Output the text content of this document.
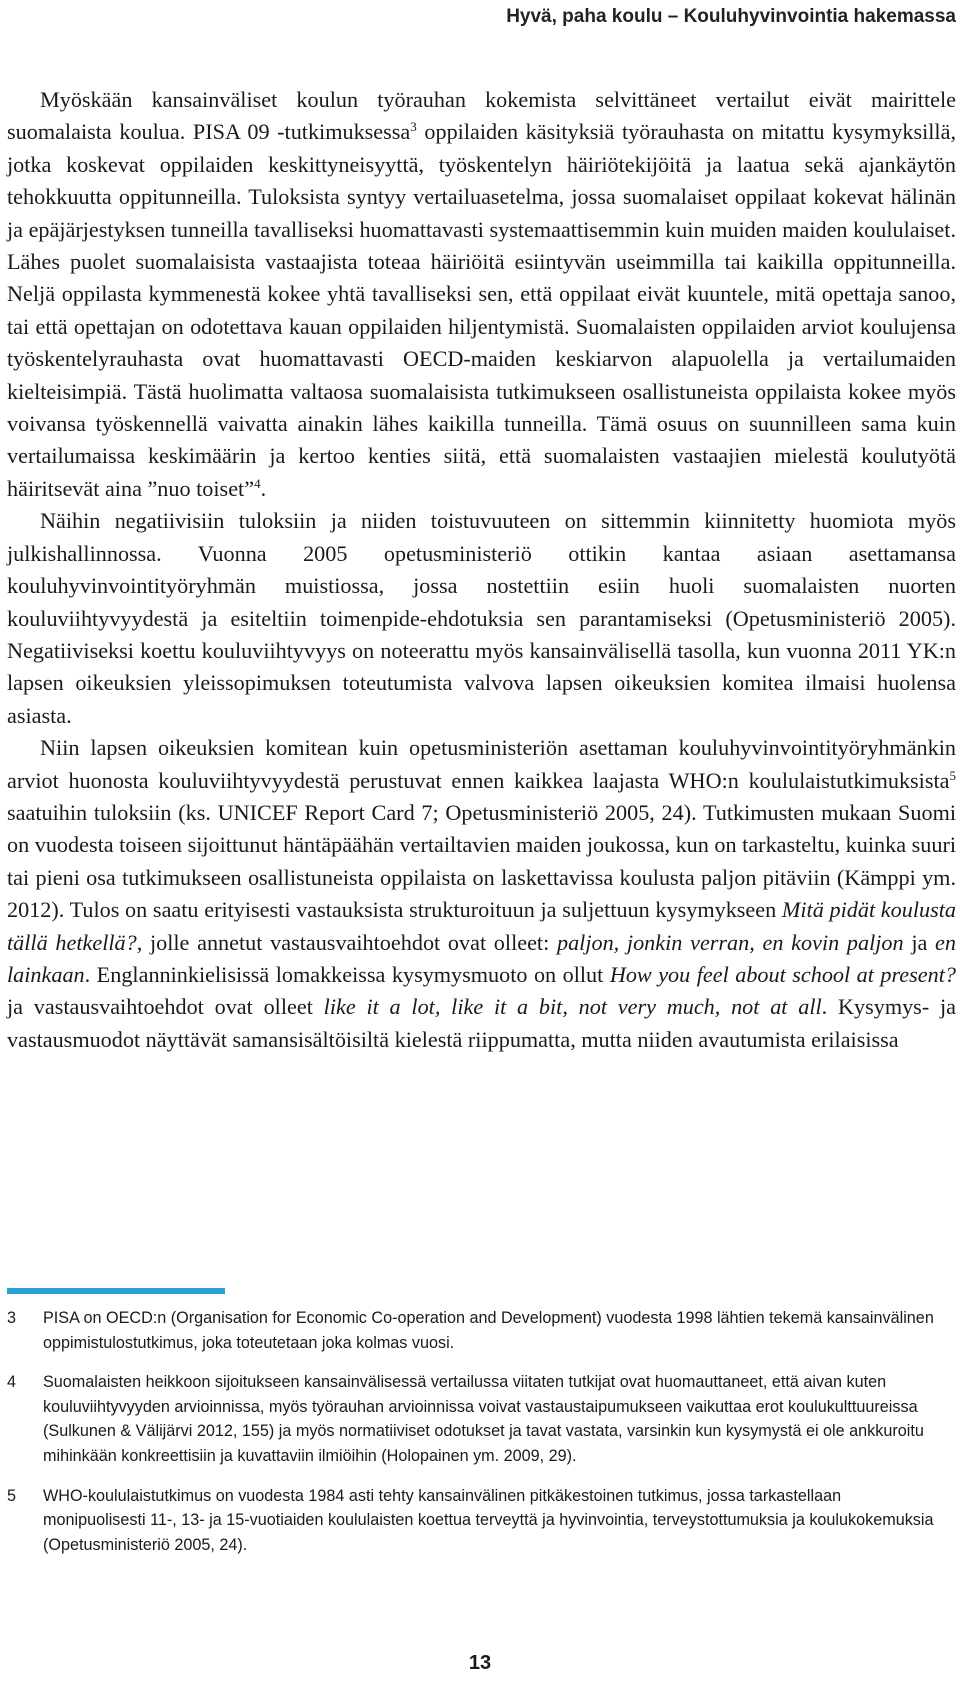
Hyvä, paha koulu – Kouluhyvinvointia hakemassa

Myöskään kansainväliset koulun työrauhan kokemista selvittäneet vertailut eivät mairittele suomalaista koulua. PISA 09 -tutkimuksessa$^3$ oppilaiden käsityksiä työrauhasta on mitattu kysymyksillä, jotka koskevat oppilaiden keskittyneisyyttä, työskentelyn häiriötekijöitä ja laatua sekä ajankäytön tehokkuutta oppitunneilla. Tuloksista syntyy vertailuasetelma, jossa suomalaiset oppilaat kokevat hälinän ja epäjärjestyksen tunneilla tavalliseksi huomattavasti systemaattisemmin kuin muiden maiden koululaiset. Lähes puolet suomalaisista vastaajista toteaa häiriöitä esiintyvän useimmilla tai kaikilla oppitunneilla. Neljä oppilasta kymmenestä kokee yhtä tavalliseksi sen, että oppilaat eivät kuuntele, mitä opettaja sanoo, tai että opettajan on odotettava kauan oppilaiden hiljentymistä. Suomalaisten oppilaiden arviot koulujensa työskentelyrauhasta ovat huomattavasti OECD-maiden keskiarvon alapuolella ja vertailumaiden kielteisimpiä. Tästä huolimatta valtaosa suomalaisista tutkimukseen osallistuneista oppilaista kokee myös voivansa työskennellä vaivatta ainakin lähes kaikilla tunneilla. Tämä osuus on suunnilleen sama kuin vertailumaissa keskimäärin ja kertoo kenties siitä, että suomalaisten vastaajien mielestä koulutyötä häiritsevät aina ”nuo toiset”$^4$.

Näihin negatiivisiin tuloksiin ja niiden toistuvuuteen on sittemmin kiinnitetty huomiota myös julkishallinnossa. Vuonna 2005 opetusministeriö ottikin kantaa asiaan asettamansa kouluhyvinvointityöryhmän muistiossa, jossa nostettiin esiin huoli suomalaisten nuorten kouluviihtyvyydestä ja esiteltiin toimenpide-ehdotuksia sen parantamiseksi (Opetusministeriö 2005). Negatiiviseksi koettu kouluviihtyvyys on noteerattu myös kansainvälisellä tasolla, kun vuonna 2011 YK:n lapsen oikeuksien yleissopimuksen toteutumista valvova lapsen oikeuksien komitea ilmaisi huolensa asiasta.

Niin lapsen oikeuksien komitean kuin opetusministeriön asettaman kouluhyvinvointityöryhmänkin arviot huonosta kouluviihtyvyydestä perustuvat ennen kaikkea laajasta WHO:n koululaistutkimuksista$^5$ saatuihin tuloksiin (ks. UNICEF Report Card 7; Opetusministeriö 2005, 24). Tutkimusten mukaan Suomi on vuodesta toiseen sijoittunut häntäpäähän vertailtavien maiden joukossa, kun on tarkasteltu, kuinka suuri tai pieni osa tutkimukseen osallistuneista oppilaista on laskettavissa koulusta paljon pitäviin (Kämppi ym. 2012). Tulos on saatu erityisesti vastauksista strukturoituun ja suljettuun kysymykseen Mitä pidät koulusta tällä hetkellä?, jolle annetut vastausvaihtoehdot ovat olleet: paljon, jonkin verran, en kovin paljon ja en lainkaan. Englanninkielisissä lomakkeissa kysymysmuoto on ollut How you feel about school at present? ja vastausvaihtoehdot ovat olleet like it a lot, like it a bit, not very much, not at all. Kysymys- ja vastausmuodot näyttävät samansisältöisiltä kielestä riippumatta, mutta niiden avautumista erilaisissa

3	PISA on OECD:n (Organisation for Economic Co-operation and Development) vuodesta 1998 lähtien tekemä kansainvälinen oppimistulostutkimus, joka toteutetaan joka kolmas vuosi.
4	Suomalaisten heikkoon sijoitukseen kansainvälisessä vertailussa viitaten tutkijat ovat huomauttaneet, että aivan kuten kouluviihtyvyyden arvioinnissa, myös työrauhan arvioinnissa voivat vastaustaipumukseen vaikuttaa erot koulukulttuureissa (Sulkunen & Välijärvi 2012, 155) ja myös normatiiviset odotukset ja tavat vastata, varsinkin kun kysymystä ei ole ankkuroitu mihinkään konkreettisiin ja kuvattaviin ilmiöihin (Holopainen ym. 2009, 29).
5	WHO-koululaistutkimus on vuodesta 1984 asti tehty kansainvälinen pitkäkestoinen tutkimus, jossa tarkastellaan monipuolisesti 11-, 13- ja 15-vuotiaiden koululaisten koettua terveyttä ja hyvinvointia, terveystottumuksia ja koulukokemuksia (Opetusministeriö 2005, 24).
13
